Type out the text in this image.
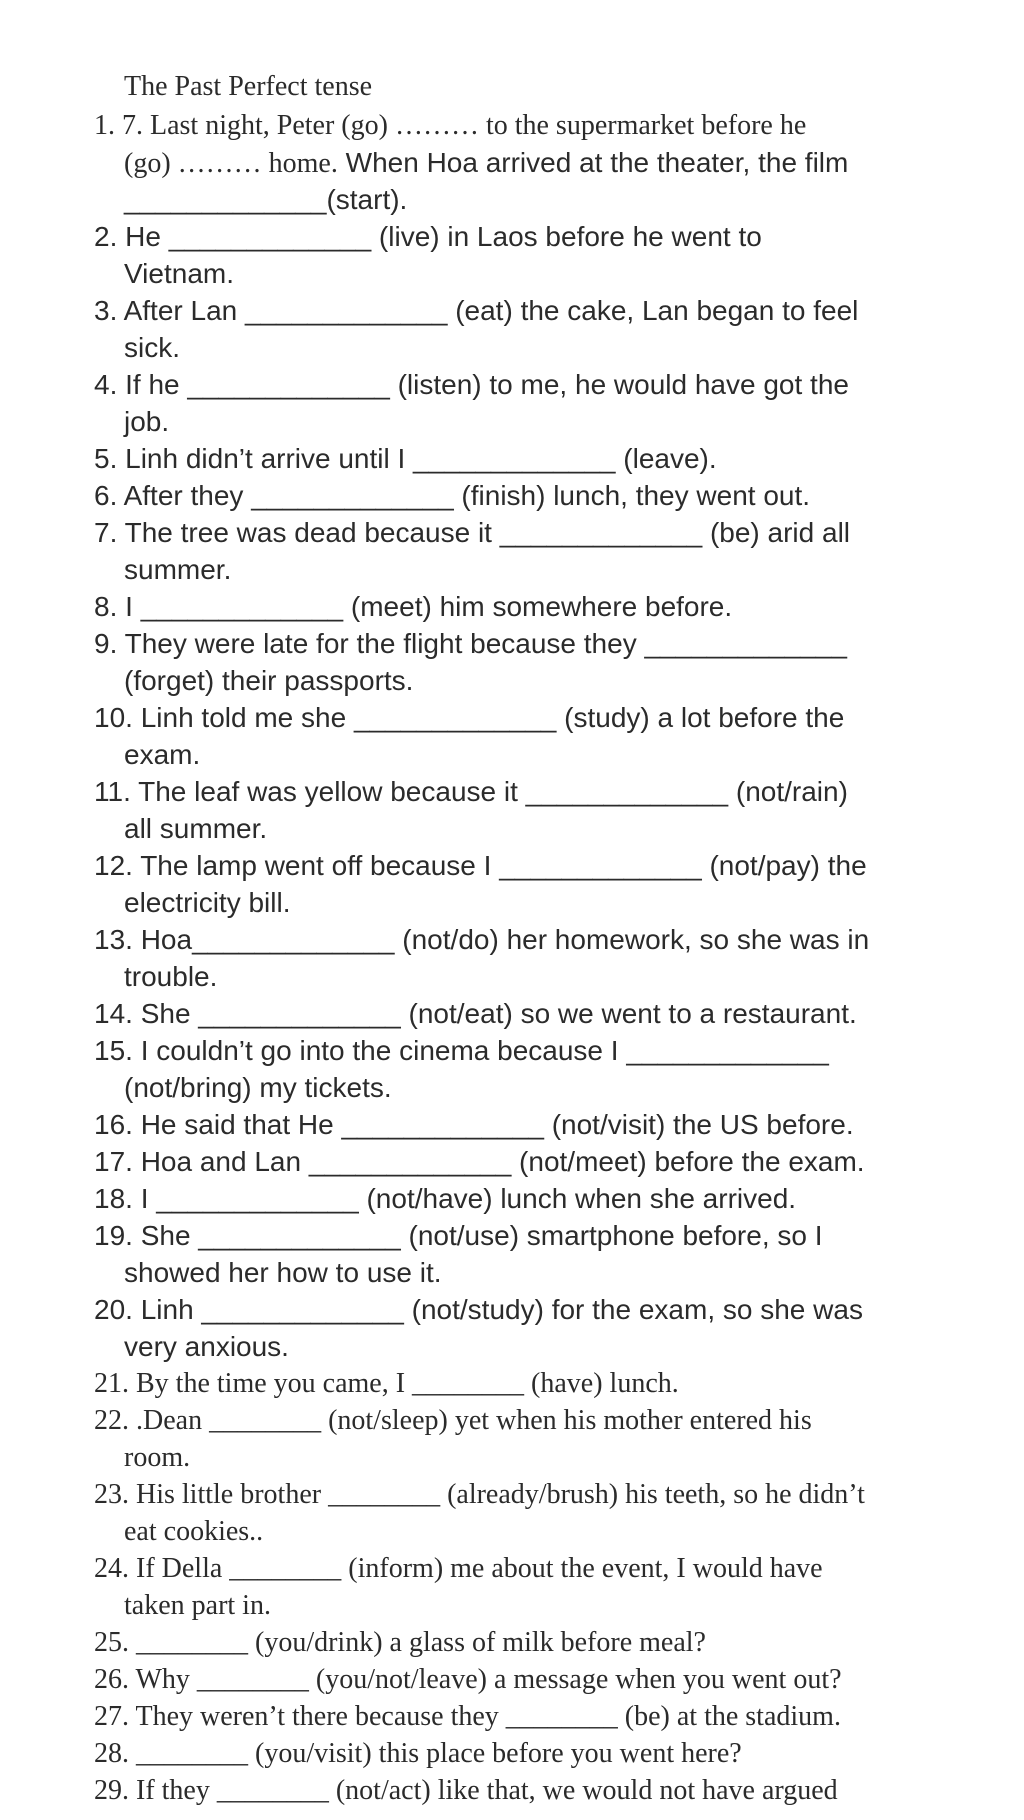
The Past Perfect tense
1. 7. Last night, Peter (go) ……… to the supermarket before he
(go) ……… home. When Hoa arrived at the theater, the film
_____________(start).
2. He _____________ (live) in Laos before he went to
Vietnam.
3. After Lan _____________ (eat) the cake, Lan began to feel
sick.
4. If he _____________ (listen) to me, he would have got the
job.
5. Linh didn’t arrive until I _____________ (leave).
6. After they _____________ (finish) lunch, they went out.
7. The tree was dead because it _____________ (be) arid all
summer.
8. I _____________ (meet) him somewhere before.
9. They were late for the flight because they _____________
(forget) their passports.
10. Linh told me she _____________ (study) a lot before the
exam.
11. The leaf was yellow because it _____________ (not/rain)
all summer.
12. The lamp went off because I _____________ (not/pay) the
electricity bill.
13. Hoa_____________ (not/do) her homework, so she was in
trouble.
14. She _____________ (not/eat) so we went to a restaurant.
15. I couldn’t go into the cinema because I _____________
(not/bring) my tickets.
16. He said that He _____________ (not/visit) the US before.
17. Hoa and Lan _____________ (not/meet) before the exam.
18. I _____________ (not/have) lunch when she arrived.
19. She _____________ (not/use) smartphone before, so I
showed her how to use it.
20. Linh _____________ (not/study) for the exam, so she was
very anxious.
21. By the time you came, I ________ (have) lunch.
22. .Dean ________ (not/sleep) yet when his mother entered his
room.
23. His little brother ________ (already/brush) his teeth, so he didn’t
eat cookies..
24. If Della ________ (inform) me about the event, I would have
taken part in.
25. ________ (you/drink) a glass of milk before meal?
26. Why ________ (you/not/leave) a message when you went out?
27. They weren’t there because they ________ (be) at the stadium.
28. ________ (you/visit) this place before you went here?
29. If they ________ (not/act) like that, we would not have argued
